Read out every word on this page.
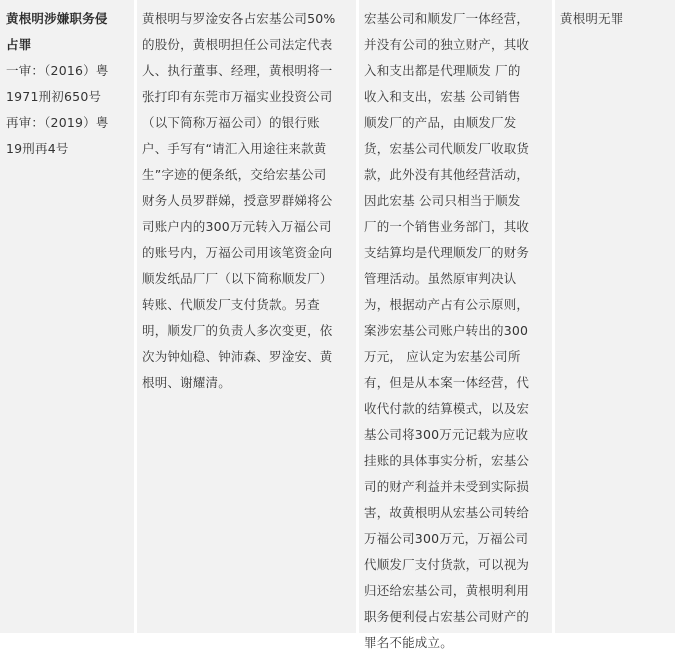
黄根明涉嫌职务侵
占罪
一审：（2016）粤
1971刑初650号
再审：（2019）粤
19刑再4号
黄根明与罗淦安各占宏基公司50%
的股份，黄根明担任公司法定代表
人、执行董事、经理，黄根明将一
张打印有东莞市万福实业投资公司
（以下简称万福公司）的银行账
户、手写有“请汇入用途往来款黄
生”字迹的便条纸，交给宏基公司
财务人员罗群娣，授意罗群娣将公
司账户内的300万元转入万福公司
的账号内，万福公司用该笔资金向
顺发纸品厂厂（以下简称顺发厂）
转账、代顺发厂支付货款。另查
明，顺发厂的负责人多次变更，依
次为钟灿稳、钟沛森、罗淦安、黄
根明、谢耀清。
宏基公司和顺发厂一体经营，
并没有公司的独立财产，其收
入和支出都是代理顺发 厂的
收入和支出，宏基 公司销售
顺发厂的产品，由顺发厂发
货，宏基公司代顺发厂收取货
款，此外没有其他经营活动，
因此宏基 公司只相当于顺发
厂的一个销售业务部门，其收
支结算均是代理顺发厂的财务
管理活动。虽然原审判决认
为，根据动产占有公示原则，
案涉宏基公司账户转出的300
万元， 应认定为宏基公司所
有，但是从本案一体经营，代
收代付款的结算模式，以及宏
基公司将300万元记载为应收
挂账的具体事实分析，宏基公
司的财产利益并未受到实际损
害，故黄根明从宏基公司转给
万福公司300万元，万福公司
代顺发厂支付货款，可以视为
归还给宏基公司，黄根明利用
职务便利侵占宏基公司财产的
罪名不能成立。
黄根明无罪
